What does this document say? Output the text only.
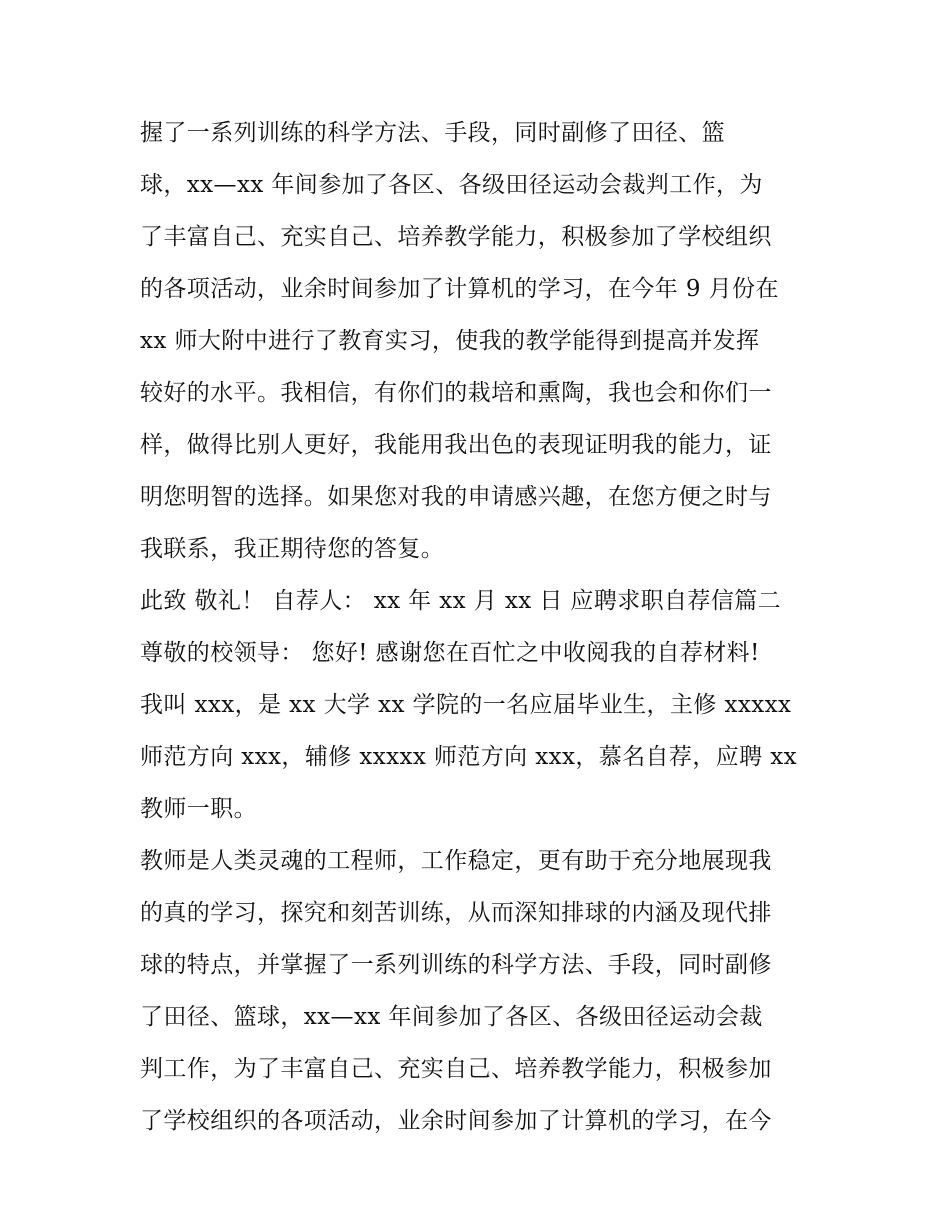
握了一系列训练的科学方法、手段，同时副修了田径、篮
球，xx—xx 年间参加了各区、各级田径运动会裁判工作，为
了丰富自己、充实自己、培养教学能力，积极参加了学校组织
的各项活动，业余时间参加了计算机的学习，在今年 9 月份在
xx 师大附中进行了教育实习，使我的教学能得到提高并发挥
较好的水平。我相信，有你们的栽培和熏陶，我也会和你们一
样，做得比别人更好，我能用我出色的表现证明我的能力，证
明您明智的选择。如果您对我的申请感兴趣，在您方便之时与
我联系，我正期待您的答复。
此致 敬礼！ 自荐人： xx 年 xx 月 xx 日 应聘求职自荐信篇二
尊敬的校领导： 您好! 感谢您在百忙之中收阅我的自荐材料!
我叫 xxx，是 xx 大学 xx 学院的一名应届毕业生，主修 xxxxx
师范方向 xxx，辅修 xxxxx 师范方向 xxx，慕名自荐，应聘 xx
教师一职。
教师是人类灵魂的工程师，工作稳定，更有助于充分地展现我
的真的学习，探究和刻苦训练，从而深知排球的内涵及现代排
球的特点，并掌握了一系列训练的科学方法、手段，同时副修
了田径、篮球，xx—xx 年间参加了各区、各级田径运动会裁
判工作，为了丰富自己、充实自己、培养教学能力，积极参加
了学校组织的各项活动，业余时间参加了计算机的学习，在今
